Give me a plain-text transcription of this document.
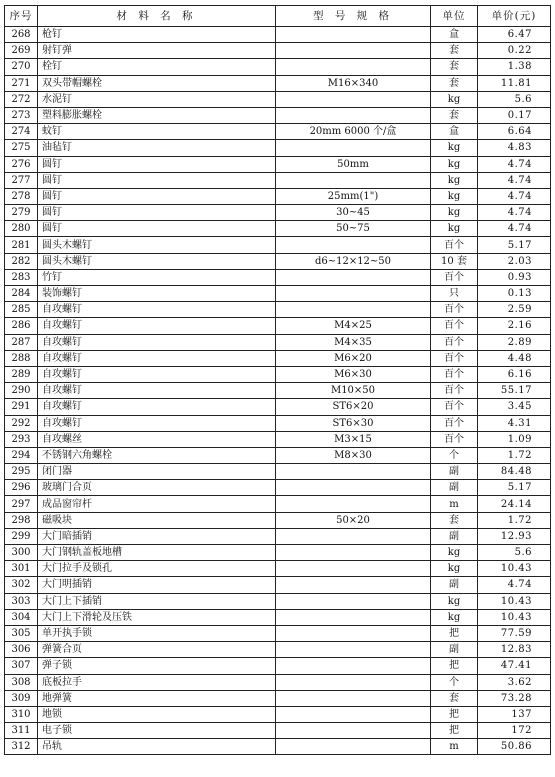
序号	材 料 名 称	型 号 规 格	单位	单价(元)
268	枪钉		盒	6.47
269	射钉弹		套	0.22
270	栓钉		套	1.38
271	双头带帽螺栓	M16×340	套	11.81
272	水泥钉		kg	5.6
273	塑料膨胀螺栓		套	0.17
274	蚊钉	20mm 6000 个/盒	盒	6.64
275	油毡钉		kg	4.83
276	圆钉	50mm	kg	4.74
277	圆钉		kg	4.74
278	圆钉	25mm(1")	kg	4.74
279	圆钉	30~45	kg	4.74
280	圆钉	50~75	kg	4.74
281	圆头木螺钉		百个	5.17
282	圆头木螺钉	d6~12×12~50	10 套	2.03
283	竹钉		百个	0.93
284	装饰螺钉		只	0.13
285	自攻螺钉		百个	2.59
286	自攻螺钉	M4×25	百个	2.16
287	自攻螺钉	M4×35	百个	2.89
288	自攻螺钉	M6×20	百个	4.48
289	自攻螺钉	M6×30	百个	6.16
290	自攻螺钉	M10×50	百个	55.17
291	自攻螺钉	ST6×20	百个	3.45
292	自攻螺钉	ST6×30	百个	4.31
293	自攻螺丝	M3×15	百个	1.09
294	不锈钢六角螺栓	M8×30	个	1.72
295	闭门器		副	84.48
296	玻璃门合页		副	5.17
297	成品窗帘杆		m	24.14
298	磁吸块	50×20	套	1.72
299	大门暗插销		副	12.93
300	大门钢轨盖板地槽		kg	5.6
301	大门拉手及锁孔		kg	10.43
302	大门明插销		副	4.74
303	大门上下插销		kg	10.43
304	大门上下滑轮及压铁		kg	10.43
305	单开执手锁		把	77.59
306	弹簧合页		副	12.83
307	弹子锁		把	47.41
308	底板拉手		个	3.62
309	地弹簧		套	73.28
310	地锁		把	137
311	电子锁		把	172
312	吊轨		m	50.86
